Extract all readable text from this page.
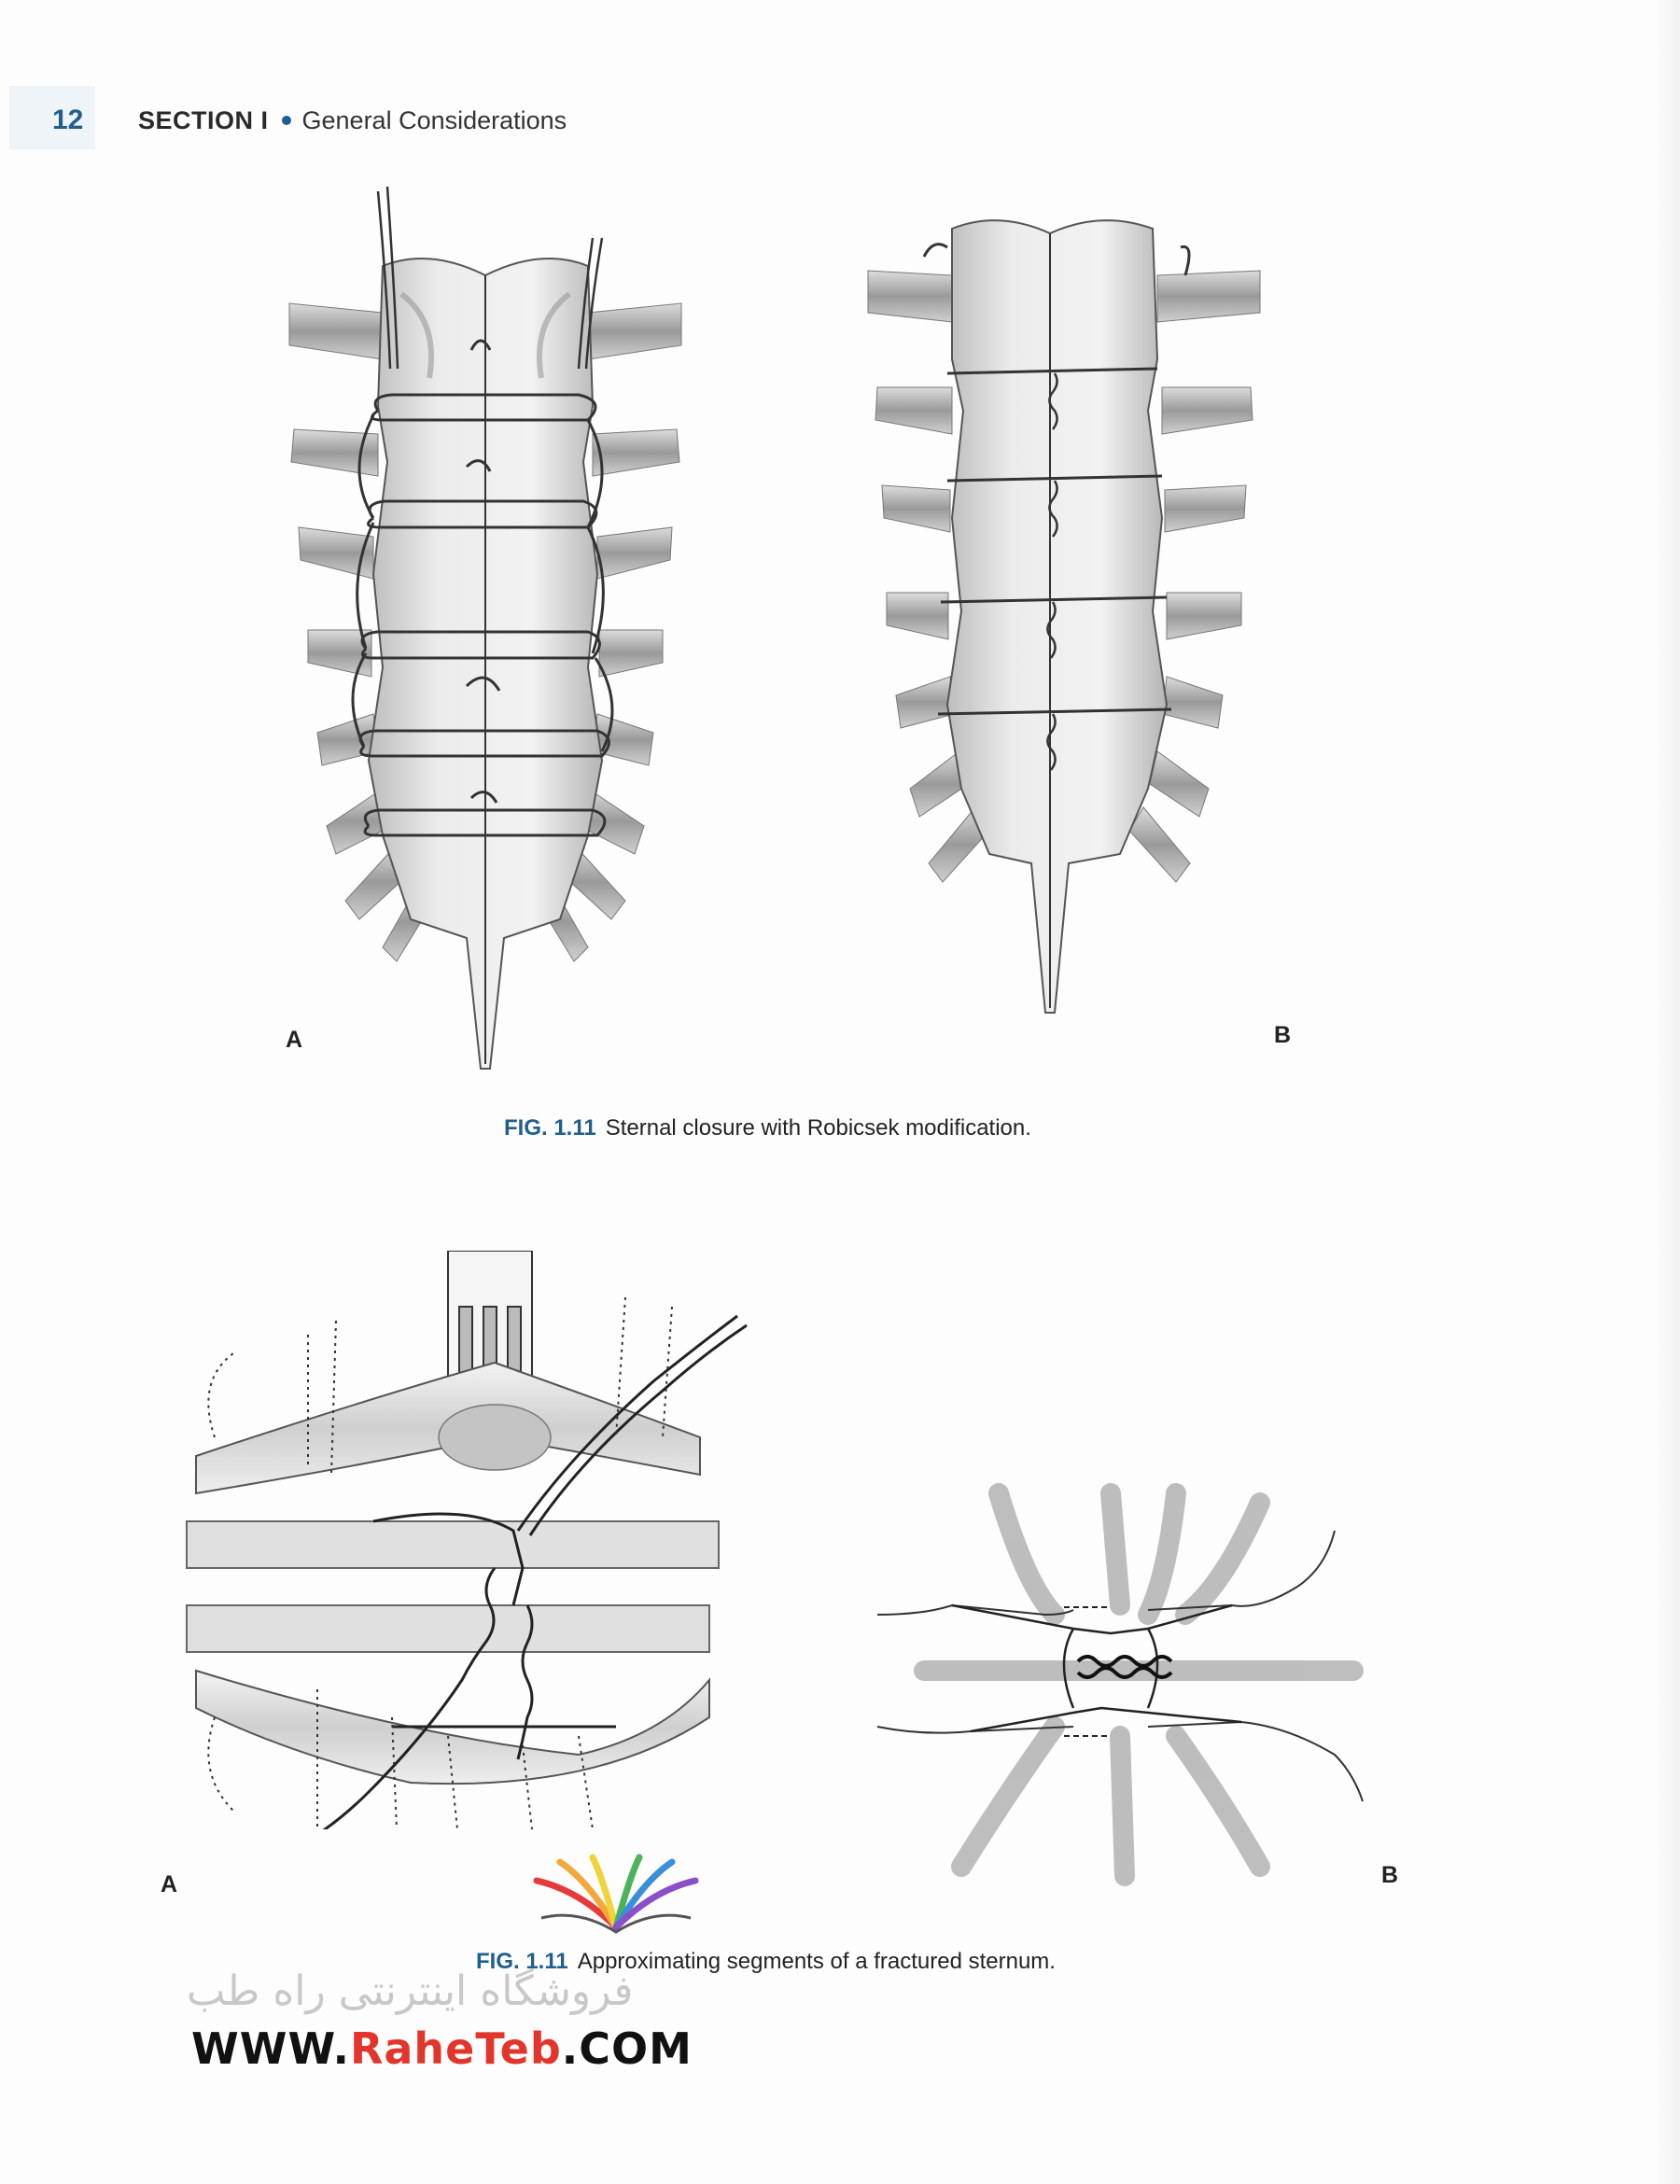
12 SECTION I General Considerations
A	B
FIG. 1.11 Sternal closure with Robicsek modification.
A	B
FIG. 1.11 Approximating segments of a fractured sternum.
فروشگاه اینترنتی راه طب
WWW.RaheTeb.COM
